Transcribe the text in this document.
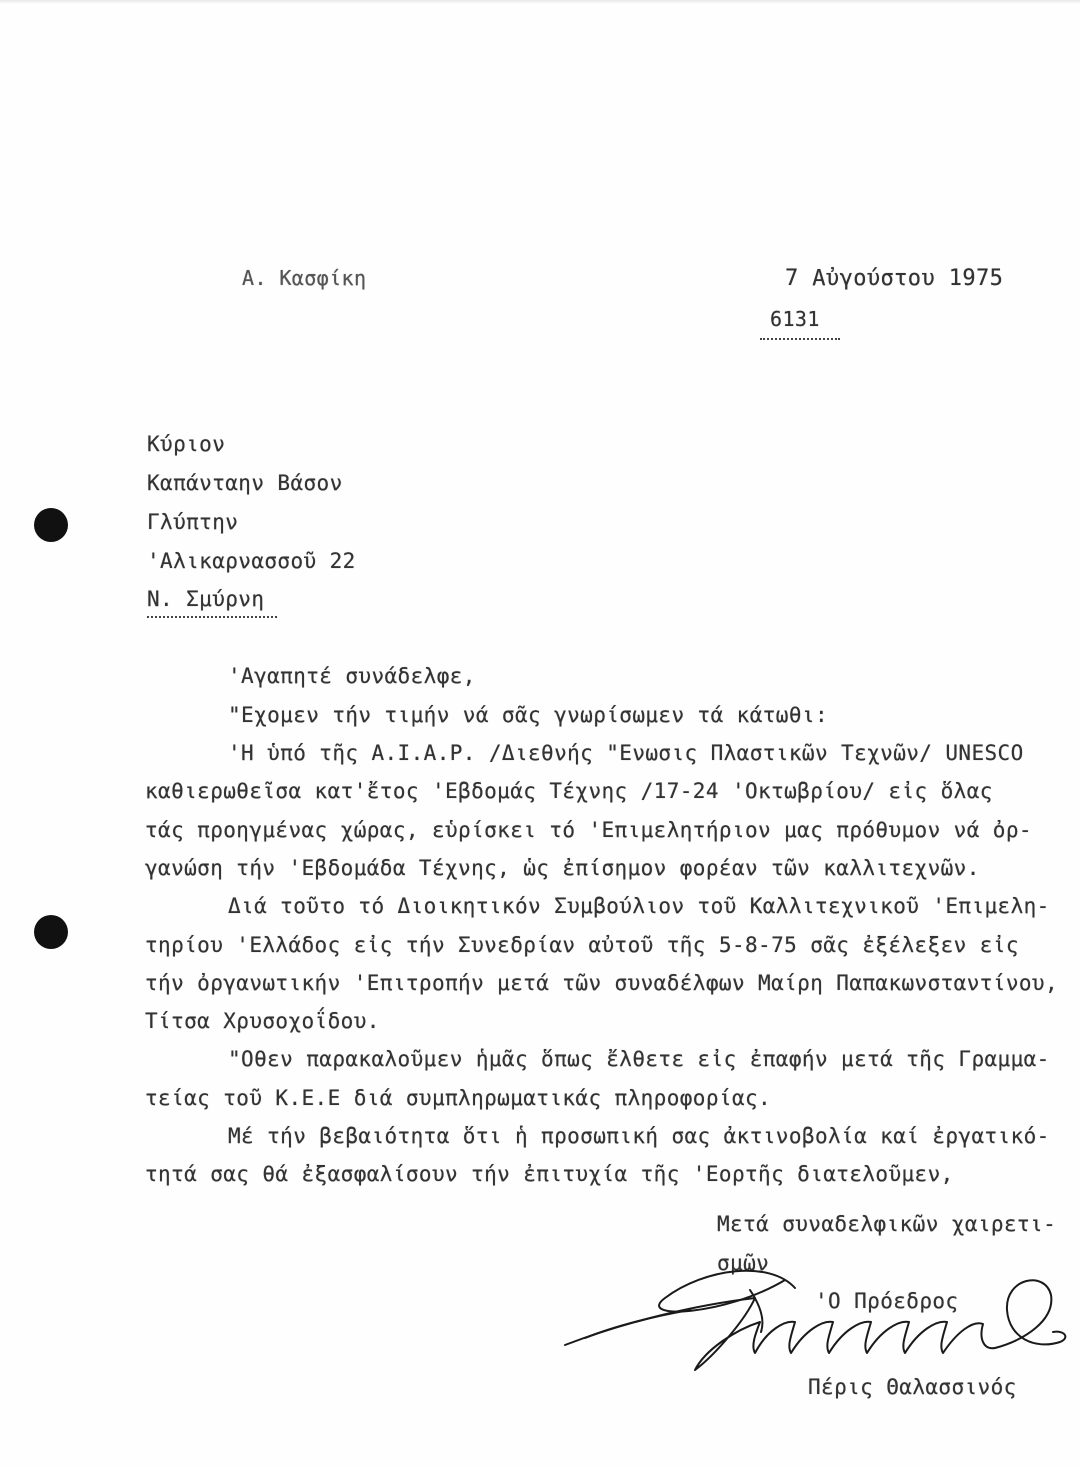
Α. Κασφίκη	7 Αὐγούστου 1975
6131
Κύριον
Καπάνταην Βάσον
Γλύπτην
'Αλικαρνασσοῦ 22
Ν. Σμύρνη
'Αγαπητέ συνάδελφε,
"Εχομεν τήν τιμήν νά σᾶς γνωρίσωμεν τά κάτωθι:
'Η ὑπό τῆς Α.Ι.Α.Ρ. /Διεθνής "Ενωσις Πλαστικῶν Τεχνῶν/ UNESCO
καθιερωθεῖσα κατ'ἔτος 'Εβδομάς Τέχνης /17-24 'Οκτωβρίου/ εἰς ὅλας
τάς προηγμένας χώρας, εὑρίσκει τό 'Επιμελητήριον μας πρόθυμον νά ὀρ-
γανώση τήν 'Εβδομάδα Τέχνης, ὡς ἐπίσημον φορέαν τῶν καλλιτεχνῶν.
Διά τοῦτο τό Διοικητικόν Συμβούλιον τοῦ Καλλιτεχνικοῦ 'Επιμελη-
τηρίου 'Ελλάδος εἰς τήν Συνεδρίαν αὐτοῦ τῆς 5-8-75 σᾶς ἐξέλεξεν εἰς
τήν ὀργανωτικήν 'Επιτροπήν μετά τῶν συναδέλφων Μαίρη Παπακωνσταντίνου,
Τίτσα Χρυσοχοΐδου.
"Οθεν παρακαλοῦμεν ἡμᾶς ὅπως ἔλθετε εἰς ἐπαφήν μετά τῆς Γραμμα-
τείας τοῦ Κ.Ε.Ε διά συμπληρωματικάς πληροφορίας.
Μέ τήν βεβαιότητα ὅτι ἡ προσωπική σας ἀκτινοβολία καί ἐργατικό-
τητά σας θά ἐξασφαλίσουν τήν ἐπιτυχία τῆς 'Εορτῆς διατελοῦμεν,
Μετά συναδελφικῶν χαιρετι-
σμῶν
'Ο Πρόεδρος
Πέρις Θαλασσινός
